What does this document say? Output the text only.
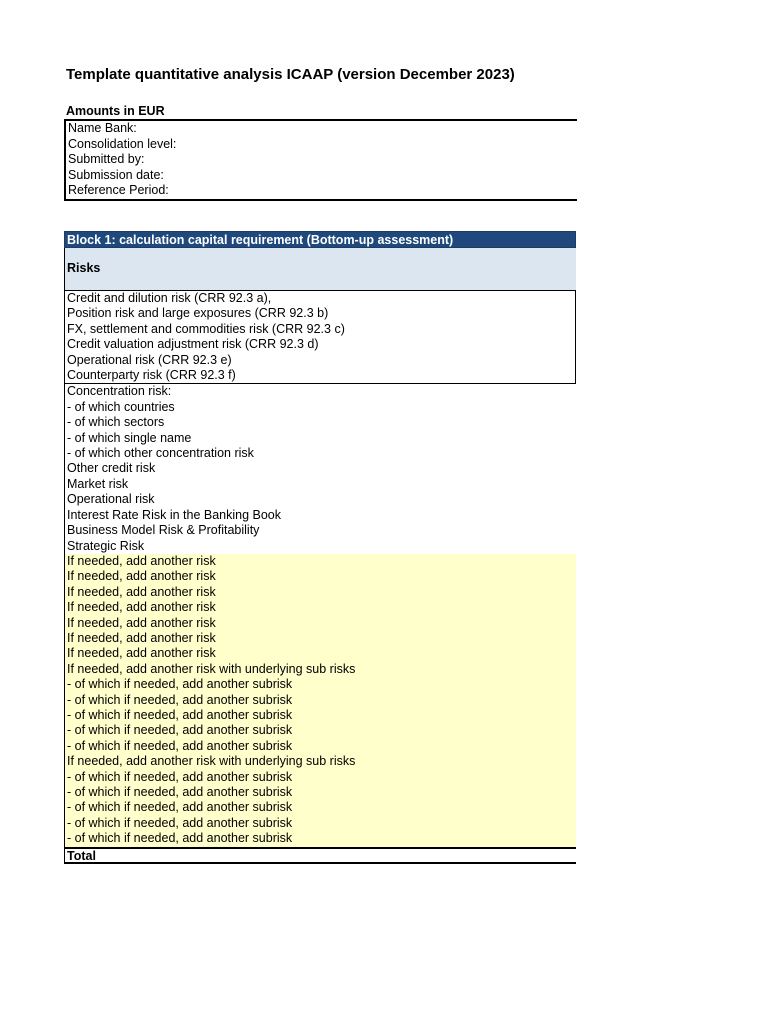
Template quantitative analysis ICAAP (version December 2023)
Amounts in EUR
Name Bank:
Consolidation level:
Submitted by:
Submission date:
Reference Period:
Block 1: calculation capital requirement (Bottom-up assessment)
Risks
Credit and dilution risk (CRR 92.3 a),
Position risk and large exposures (CRR 92.3 b)
FX, settlement and commodities risk (CRR 92.3 c)
Credit valuation adjustment risk (CRR 92.3 d)
Operational risk (CRR 92.3 e)
Counterparty risk (CRR 92.3 f)
Concentration risk:
- of which countries
- of which sectors
- of which single name
- of which other concentration risk
Other credit risk
Market risk
Operational risk
Interest Rate Risk in the Banking Book
Business Model Risk & Profitability
Strategic Risk
If needed, add another risk
If needed, add another risk
If needed, add another risk
If needed, add another risk
If needed, add another risk
If needed, add another risk
If needed, add another risk
If needed, add another risk with underlying sub risks
- of which if needed, add another subrisk
- of which if needed, add another subrisk
- of which if needed, add another subrisk
- of which if needed, add another subrisk
- of which if needed, add another subrisk
If needed, add another risk with underlying sub risks
- of which if needed, add another subrisk
- of which if needed, add another subrisk
- of which if needed, add another subrisk
- of which if needed, add another subrisk
- of which if needed, add another subrisk
Total
